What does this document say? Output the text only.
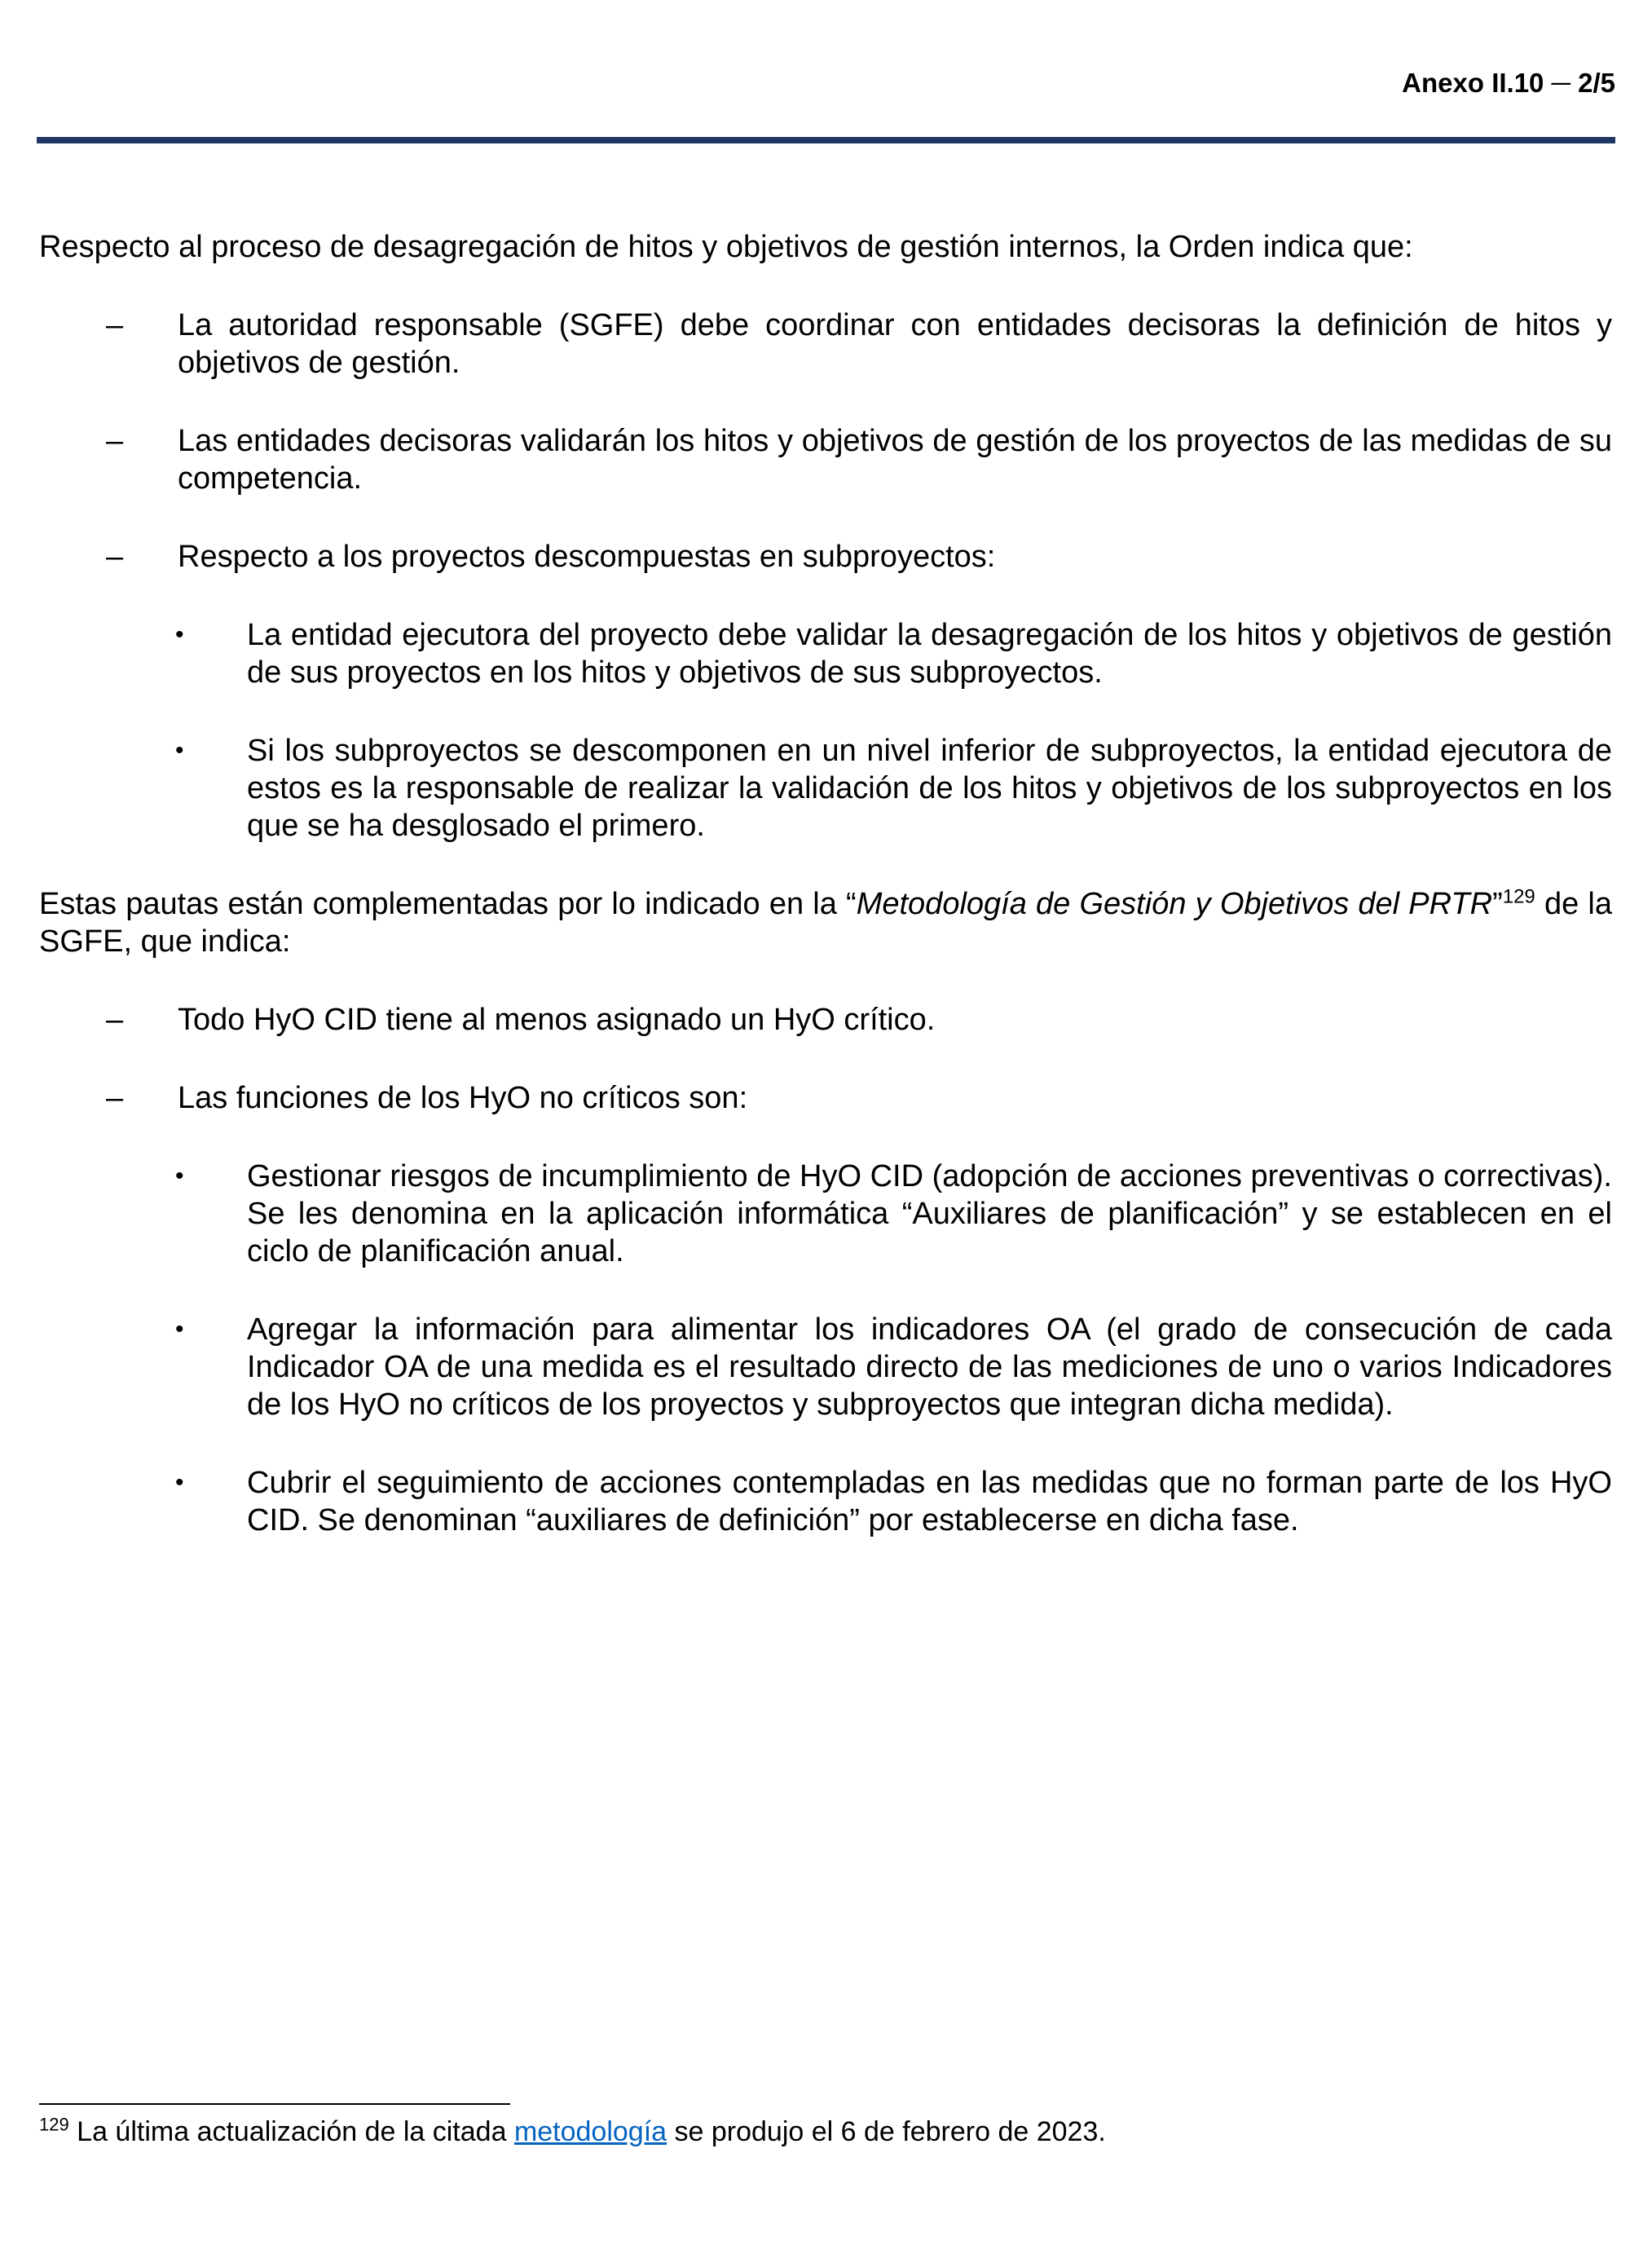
Anexo II.10 ─ 2/5

Respecto al proceso de desagregación de hitos y objetivos de gestión internos, la Orden indica que:

– La autoridad responsable (SGFE) debe coordinar con entidades decisoras la definición de hitos y objetivos de gestión.
– Las entidades decisoras validarán los hitos y objetivos de gestión de los proyectos de las medidas de su competencia.
– Respecto a los proyectos descompuestas en subproyectos:
• La entidad ejecutora del proyecto debe validar la desagregación de los hitos y objetivos de gestión de sus proyectos en los hitos y objetivos de sus subproyectos.
• Si los subproyectos se descomponen en un nivel inferior de subproyectos, la entidad ejecutora de estos es la responsable de realizar la validación de los hitos y objetivos de los subproyectos en los que se ha desglosado el primero.

Estas pautas están complementadas por lo indicado en la “Metodología de Gestión y Objetivos del PRTR”$^{129}$ de la SGFE, que indica:

– Todo HyO CID tiene al menos asignado un HyO crítico.
– Las funciones de los HyO no críticos son:
• Gestionar riesgos de incumplimiento de HyO CID (adopción de acciones preventivas o correctivas). Se les denomina en la aplicación informática “Auxiliares de planificación” y se establecen en el ciclo de planificación anual.
• Agregar la información para alimentar los indicadores OA (el grado de consecución de cada Indicador OA de una medida es el resultado directo de las mediciones de uno o varios Indicadores de los HyO no críticos de los proyectos y subproyectos que integran dicha medida).
• Cubrir el seguimiento de acciones contempladas en las medidas que no forman parte de los HyO CID. Se denominan “auxiliares de definición” por establecerse en dicha fase.
$^{129}$ La última actualización de la citada metodología se produjo el 6 de febrero de 2023.
